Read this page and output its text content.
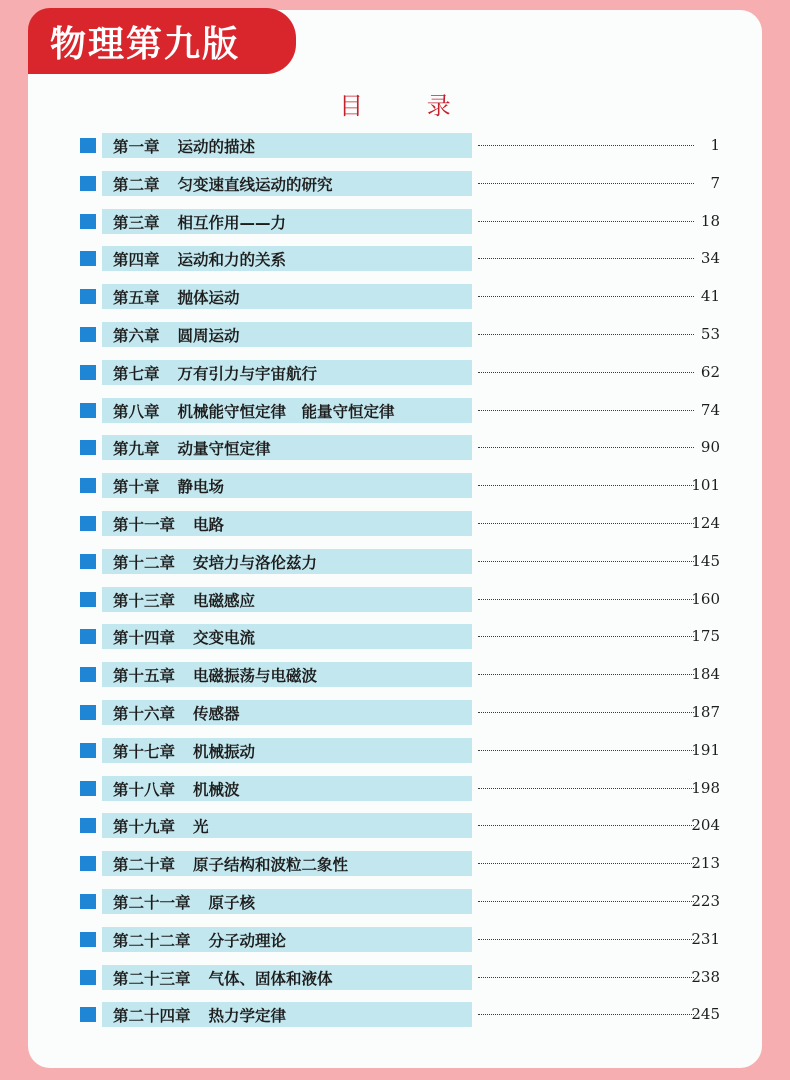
物理第九版
目 录
第一章 运动的描述	1
第二章 匀变速直线运动的研究	7
第三章 相互作用——力	18
第四章 运动和力的关系	34
第五章 抛体运动	41
第六章 圆周运动	53
第七章 万有引力与宇宙航行	62
第八章 机械能守恒定律　能量守恒定律	74
第九章 动量守恒定律	90
第十章 静电场	101
第十一章 电路	124
第十二章 安培力与洛伦兹力	145
第十三章 电磁感应	160
第十四章 交变电流	175
第十五章 电磁振荡与电磁波	184
第十六章 传感器	187
第十七章 机械振动	191
第十八章 机械波	198
第十九章 光	204
第二十章 原子结构和波粒二象性	213
第二十一章 原子核	223
第二十二章 分子动理论	231
第二十三章 气体、固体和液体	238
第二十四章 热力学定律	245
